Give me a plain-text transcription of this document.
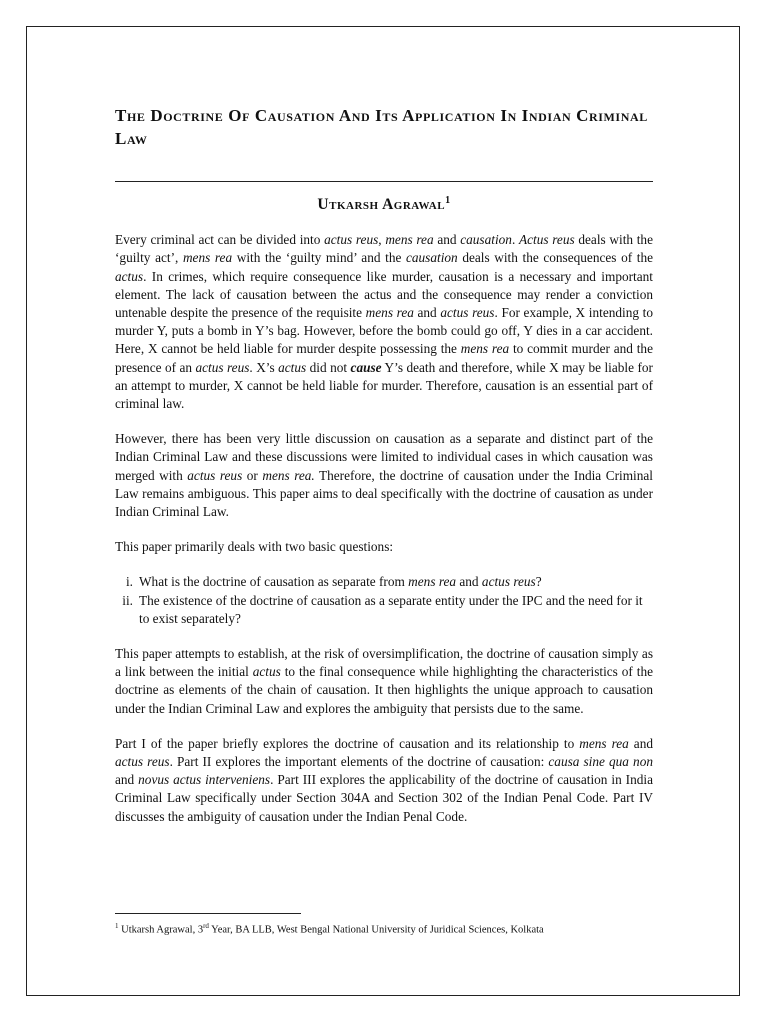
The Doctrine Of Causation And Its Application In Indian Criminal Law
Utkarsh Agrawal$^1$

Every criminal act can be divided into actus reus, mens rea and causation. Actus reus deals with the ‘guilty act’, mens rea with the ‘guilty mind’ and the causation deals with the consequences of the actus. In crimes, which require consequence like murder, causation is a necessary and important element. The lack of causation between the actus and the consequence may render a conviction untenable despite the presence of the requisite mens rea and actus reus. For example, X intending to murder Y, puts a bomb in Y’s bag. However, before the bomb could go off, Y dies in a car accident. Here, X cannot be held liable for murder despite possessing the mens rea to commit murder and the presence of an actus reus. X’s actus did not cause Y’s death and therefore, while X may be liable for an attempt to murder, X cannot be held liable for murder. Therefore, causation is an essential part of criminal law.

However, there has been very little discussion on causation as a separate and distinct part of the Indian Criminal Law and these discussions were limited to individual cases in which causation was merged with actus reus or mens rea. Therefore, the doctrine of causation under the India Criminal Law remains ambiguous. This paper aims to deal specifically with the doctrine of causation as under Indian Criminal Law.

This paper primarily deals with two basic questions:

i. What is the doctrine of causation as separate from mens rea and actus reus?
ii. The existence of the doctrine of causation as a separate entity under the IPC and the need for it to exist separately?

This paper attempts to establish, at the risk of oversimplification, the doctrine of causation simply as a link between the initial actus to the final consequence while highlighting the characteristics of the doctrine as elements of the chain of causation. It then highlights the unique approach to causation under the Indian Criminal Law and explores the ambiguity that persists due to the same.

Part I of the paper briefly explores the doctrine of causation and its relationship to mens rea and actus reus. Part II explores the important elements of the doctrine of causation: causa sine qua non and novus actus interveniens. Part III explores the applicability of the doctrine of causation in India Criminal Law specifically under Section 304A and Section 302 of the Indian Penal Code. Part IV discusses the ambiguity of causation under the Indian Penal Code.

$^1$ Utkarsh Agrawal, 3rd Year, BA LLB, West Bengal National University of Juridical Sciences, Kolkata
